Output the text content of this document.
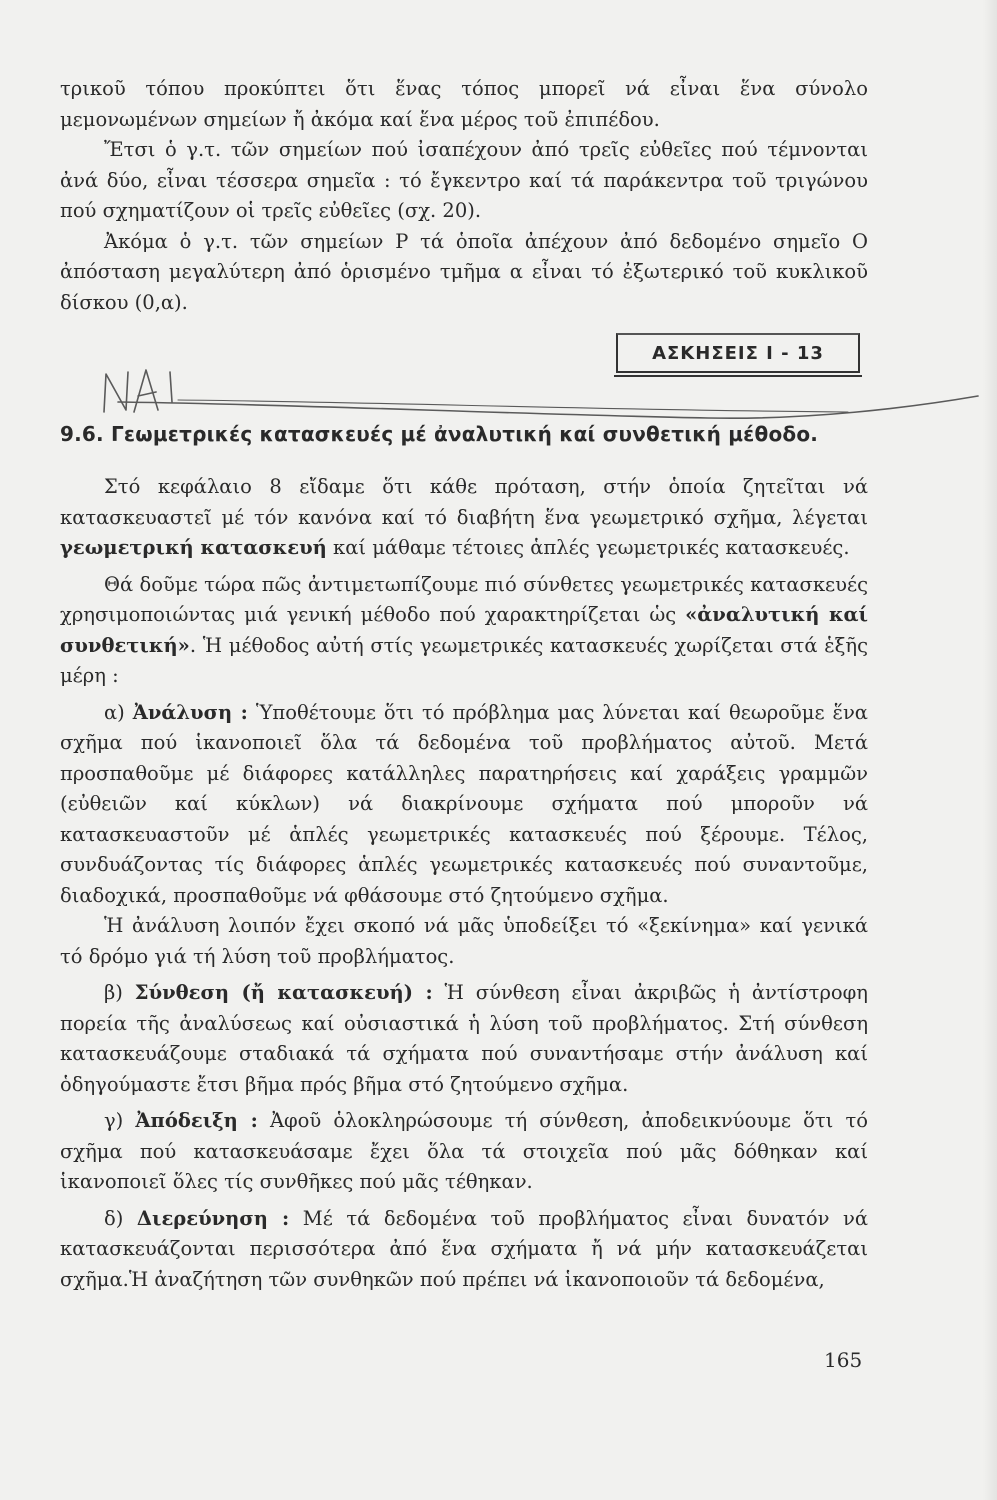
τρικοῦ τόπου προκύπτει ὅτι ἕνας τόπος μπορεῖ νά εἶναι ἕνα σύνολο μεμονωμένων σημείων ἤ ἀκόμα καί ἕνα μέρος τοῦ ἐπιπέδου.

Ἔτσι ὁ γ.τ. τῶν σημείων πού ἰσαπέχουν ἀπό τρεῖς εὐθεῖες πού τέμνονται ἀνά δύο, εἶναι τέσσερα σημεῖα : τό ἔγκεντρο καί τά παράκεντρα τοῦ τριγώνου πού σχηματίζουν οἱ τρεῖς εὐθεῖες (σχ. 20).

Ἀκόμα ὁ γ.τ. τῶν σημείων Ρ τά ὁποῖα ἀπέχουν ἀπό δεδομένο σημεῖο Ο ἀπόσταση μεγαλύτερη ἀπό ὁρισμένο τμῆμα α εἶναι τό ἐξωτερικό τοῦ κυκλικοῦ δίσκου (0,α).

ΑΣΚΗΣΕΙΣ Ι - 13
9.6. Γεωμετρικές κατασκευές μέ ἀναλυτική καί συνθετική μέθοδο.

Στό κεφάλαιο 8 εἴδαμε ὅτι κάθε πρόταση, στήν ὁποία ζητεῖται νά κατασκευαστεῖ μέ τόν κανόνα καί τό διαβήτη ἕνα γεωμετρικό σχῆμα, λέγεται γεωμετρική κατασκευή καί μάθαμε τέτοιες ἁπλές γεωμετρικές κατασκευές.

Θά δοῦμε τώρα πῶς ἀντιμετωπίζουμε πιό σύνθετες γεωμετρικές κατασκευές χρησιμοποιώντας μιά γενική μέθοδο πού χαρακτηρίζεται ὡς «ἀναλυτική καί συνθετική». Ἡ μέθοδος αὐτή στίς γεωμετρικές κατασκευές χωρίζεται στά ἑξῆς μέρη :

α) Ἀνάλυση : Ὑποθέτουμε ὅτι τό πρόβλημα μας λύνεται καί θεωροῦμε ἕνα σχῆμα πού ἱκανοποιεῖ ὅλα τά δεδομένα τοῦ προβλήματος αὐτοῦ. Μετά προσπαθοῦμε μέ διάφορες κατάλληλες παρατηρήσεις καί χαράξεις γραμμῶν (εὐθειῶν καί κύκλων) νά διακρίνουμε σχήματα πού μποροῦν νά κατασκευαστοῦν μέ ἁπλές γεωμετρικές κατασκευές πού ξέρουμε. Τέλος, συνδυάζοντας τίς διάφορες ἁπλές γεωμετρικές κατασκευές πού συναντοῦμε, διαδοχικά, προσπαθοῦμε νά φθάσουμε στό ζητούμενο σχῆμα.

Ἡ ἀνάλυση λοιπόν ἔχει σκοπό νά μᾶς ὑποδείξει τό «ξεκίνημα» καί γενικά τό δρόμο γιά τή λύση τοῦ προβλήματος.

β) Σύνθεση (ἤ κατασκευή) : Ἡ σύνθεση εἶναι ἀκριβῶς ἡ ἀντίστροφη πορεία τῆς ἀναλύσεως καί οὐσιαστικά ἡ λύση τοῦ προβλήματος. Στή σύνθεση κατασκευάζουμε σταδιακά τά σχήματα πού συναντήσαμε στήν ἀνάλυση καί ὁδηγούμαστε ἔτσι βῆμα πρός βῆμα στό ζητούμενο σχῆμα.

γ) Ἀπόδειξη : Ἀφοῦ ὁλοκληρώσουμε τή σύνθεση, ἀποδεικνύουμε ὅτι τό σχῆμα πού κατασκευάσαμε ἔχει ὅλα τά στοιχεῖα πού μᾶς δόθηκαν καί ἱκανοποιεῖ ὅλες τίς συνθῆκες πού μᾶς τέθηκαν.

δ) Διερεύνηση : Μέ τά δεδομένα τοῦ προβλήματος εἶναι δυνατόν νά κατασκευάζονται περισσότερα ἀπό ἕνα σχήματα ἤ νά μήν κατασκευάζεται σχῆμα.Ἡ ἀναζήτηση τῶν συνθηκῶν πού πρέπει νά ἱκανοποιοῦν τά δεδομένα,

165
